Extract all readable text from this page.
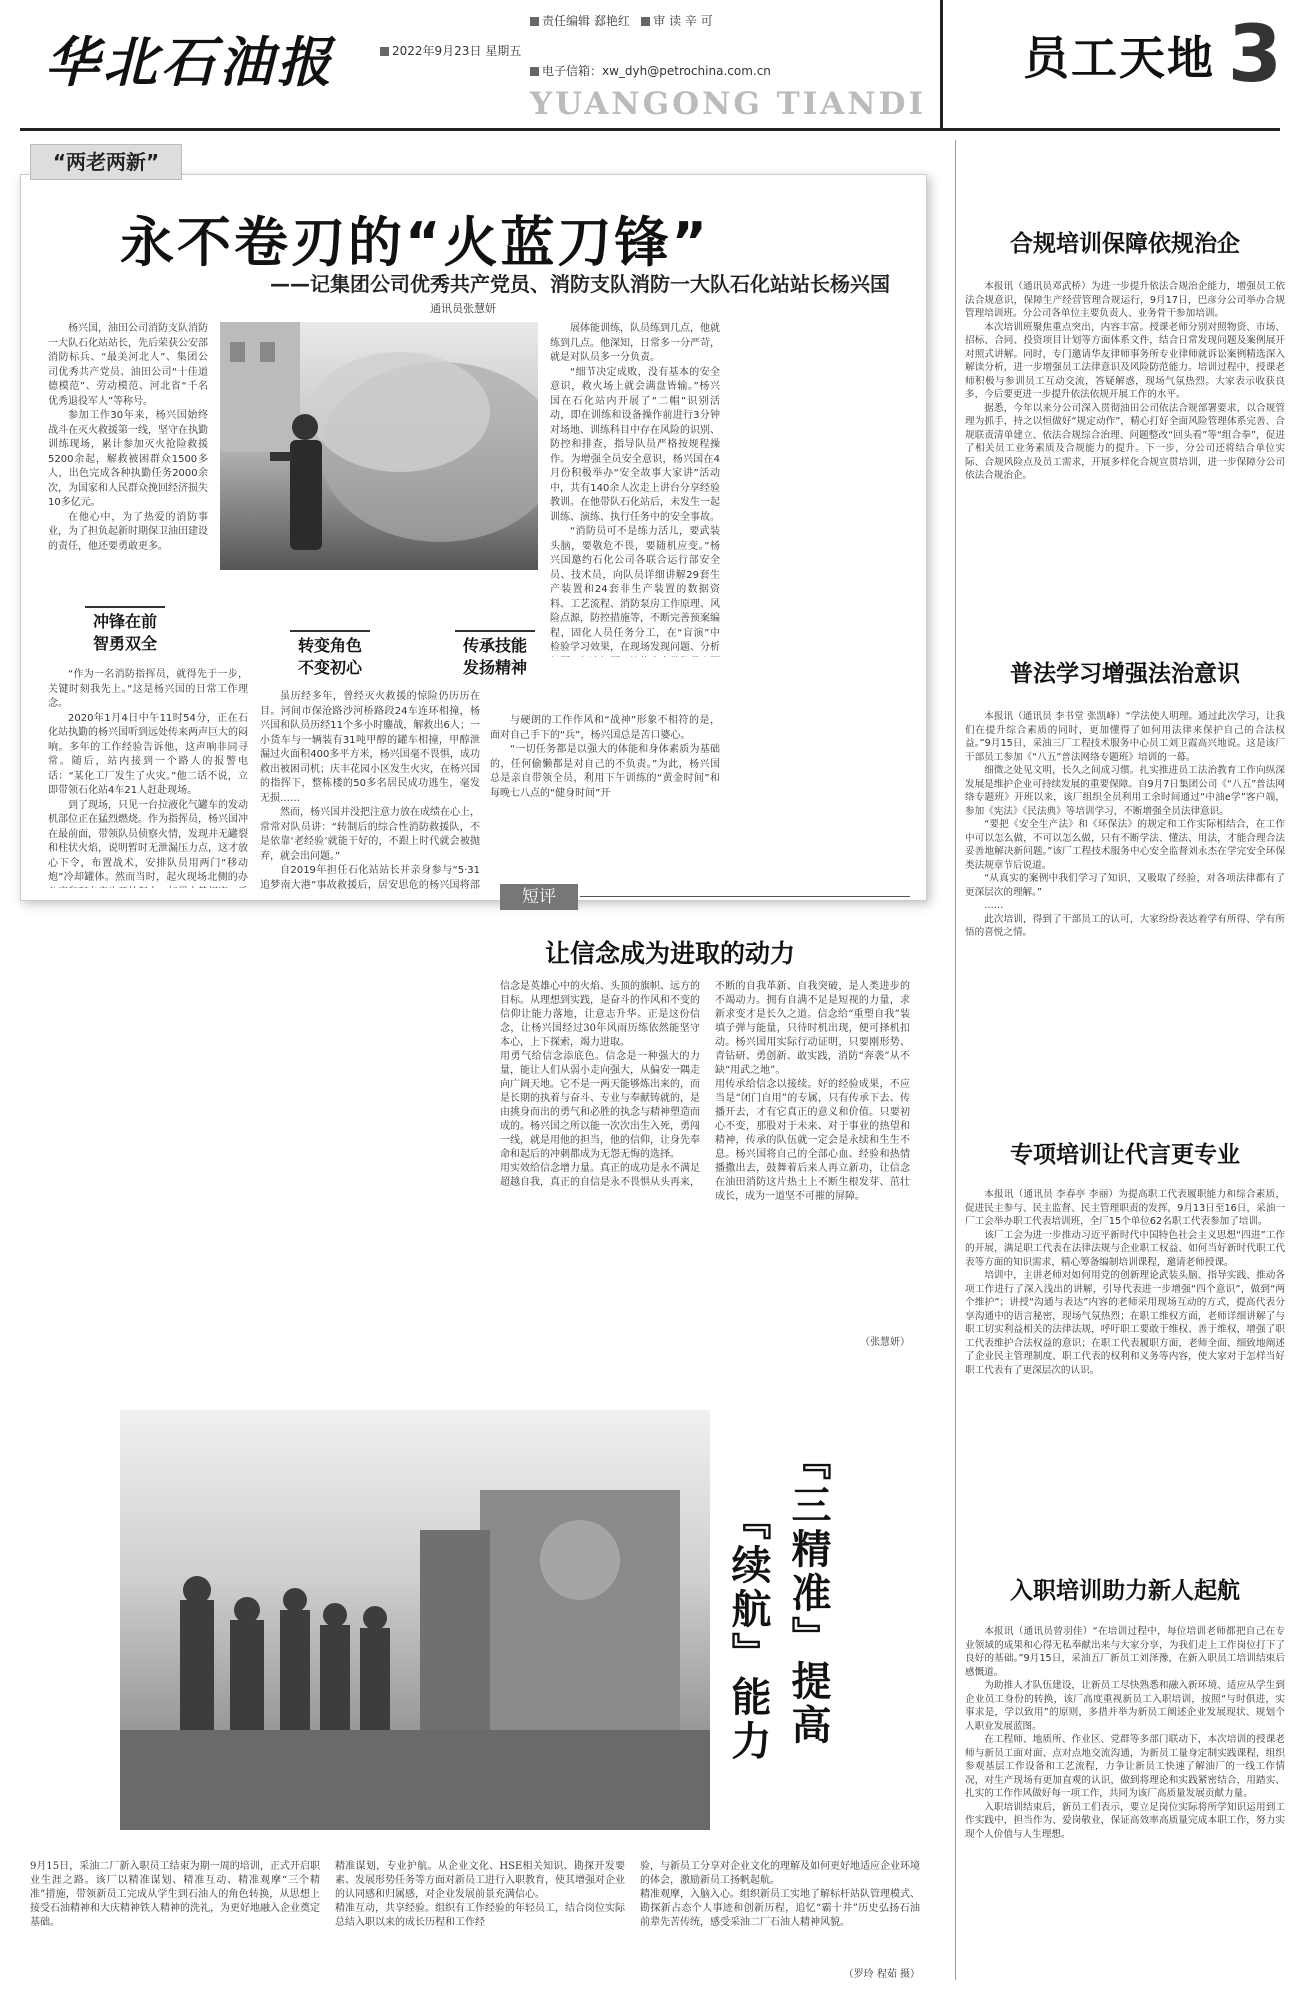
华北石油报
责任编辑 郄艳红 审 读 辛 可
2022年9月23日 星期五
电子信箱：xw_dyh@petrochina.com.cn
YUANGONG TIANDI
员工天地 3
“两老两新”
永不卷刃的“火蓝刀锋”
——记集团公司优秀共产党员、消防支队消防一大队石化站站长杨兴国
通讯员张慧妍

杨兴国，油田公司消防支队消防一大队石化站站长，先后荣获公安部消防标兵、“最美河北人”、集团公司优秀共产党员、油田公司“十佳道德模范”、劳动模范、河北省“千名优秀退役军人”等称号。

参加工作30年来，杨兴国始终战斗在灭火救援第一线，坚守在执勤训练现场，累计参加灭火抢险救援5200余起，解救被困群众1500多人，出色完成各种执勤任务2000余次，为国家和人民群众挽回经济损失10多亿元。

在他心中，为了热爱的消防事业，为了担负起新时期保卫油田建设的责任，他还要勇敢更多。

展体能训练，队员练到几点，他就练到几点。他深知，日常多一分严苛，就是对队员多一分负责。

“细节决定成败，没有基本的安全意识，救火场上就会满盘皆输。”杨兴国在石化站内开展了“二帽”识别活动，即在训练和设备操作前进行3分钟对场地、训练科目中存在风险的识别、防控和排查，指导队员严格按规程操作。为增强全员安全意识，杨兴国在4月份积极举办“安全故事大家讲”活动中，共有140余人次走上讲台分享经验教训。在他带队石化站后，未发生一起训练、演练、执行任务中的安全事故。

“消防员可不是练力活儿，要武装头脑，要敬危不畏，要随机应变。”杨兴国邀约石化公司各联合运行部安全员、技术员，向队员详细讲解29套生产装置和24套非生产装置的数据资料、工艺流程、消防泵房工作原理、风险点源，防控措施等，不断完善预案编程，固化人员任务分工，在“盲演”中检验学习效果，在现场发现问题、分析

冲锋在前
智勇双全	转变角色
不变初心
传承技能
发扬精神

“作为一名消防指挥员，就得先于一步，关键时刻我先上。”这是杨兴国的日常工作理念。

2020年1月4日中午11时54分，正在石化站执勤的杨兴国听到远处传来两声巨大的闷响。多年的工作经验告诉他，这声响非同寻常。随后，站内接到一个路人的报警电话：“某化工厂发生了火灾。”他二话不说，立即带领石化站4车21人赶赴现场。

到了现场，只见一台拉液化气罐车的发动机部位正在猛烈燃烧。作为指挥员，杨兴国冲在最前面，带领队员侦察火情，发现并无罐裂和柱状火焰，说明暂时无泄漏压力点，这才放心下令，布置战术，安排队员用两门“移动炮”冷却罐体。然而当时，起火现场北侧的办

虽历经多年，曾经灭火救援的惊险仍历历在目。河间市保沧路沙河桥路段24车连环相撞，杨兴国和队员历经11个多小时鏖战，解救出6人；一小货车与一辆装有31吨甲醇的罐车相撞，甲醇泄漏过火面积400多平方米，杨兴国毫不畏惧，成功救出被困司机；庆丰花园小区发生火灾，在杨兴国的指挥下，整栋楼的50多名居民成功逃生，毫发无损……

然而，杨兴国并没把注意力放在成绩在心上，常常对队员讲：“转制后的综合性消防救援队，不是依靠‘老经验’就能干好的，不跟上时代就会被抛弃，就会出问题。”

自2019年担任石化站站长并亲身参与“5·31追梦南大港”事故救援后，居安思危的杨兴国将部

与硬朗的工作作风和“战神”形象不相符的是，面对自己手下的“兵”，杨兴国总是苦口婆心。

“一切任务都是以强大的体能和身体素质为基础的，任何偷懒都是对自己的不负责。”为此，杨兴国总是亲自带领全员，利用下午训练的“黄金时间”和每晚七八点的“健身时间”开

短评
让信念成为进取的动力
信念是英雄心中的火焰、头顶的旗帜、远方的目标。从理想到实践，是奋斗的作风和不变的信仰让能力落地，让意志升华。正是这份信念，让杨兴国经过30年风雨历练依然能坚守本心，上下探索，竭力进取。
用勇气给信念添底色。信念是一种强大的力量，能让人们从弱小走向强大，从偏安一隅走向广阔天地。它不是一两天能够炼出来的，而是长期的执着与奋斗、专业与奉献铸就的，是由挑身而出的勇气和必胜的执念与精神塑造而成的。杨兴国之所以能一次次出生入死，勇闯一线，就是用他的担当，他的信仰，让身先奉命和起后的冲刺都成为无怨无悔的选择。
用实效给信念增力量。真正的成功是永不满足超越自我，真正的自信是永不畏惧从头再来，
不断的自我革新、自我突破，是人类进步的不竭动力。拥有自满不足是短视的力量，求新求变才是长久之道。信念给“重塑自我”装填子弹与能量，只待时机出现，便可择机扣动。杨兴国用实际行动证明，只要刚形势、青钻研、勇创新、敢实践，消防“奔袭”从不缺“用武之地”。
用传承给信念以接续。好的经验成果，不应当是“闭门自用”的专属，只有传承下去、传播开去，才有它真正的意义和价值。只要初心不变，那股对于未来、对于事业的热望和精神，传承的队伍就一定会是永续和生生不息。杨兴国将自己的全部心血、经验和热情播撒出去，鼓舞着后来人再立新功，让信念在油田消防这片热土上不断生根发芽、茁壮成长，成为一道坚不可摧的屏障。
（张慧妍）
『三精准』提高
『续航』能力
9月15日，采油二厂新入职员工结束为期一周的培训，正式开启职业生涯之路。该厂以精准谋划、精准互动、精准观摩“三个精准”措施，带领新员工完成从学生到石油人的角色转换，从思想上接受石油精神和大庆精神铁人精神的洗礼，为更好地融入企业奠定基础。
精准谋划，专业护航。从企业文化、HSE相关知识、勘探开发要素、发展形势任务等方面对新员工进行入职教育，使其增强对企业的认同感和归属感，对企业发展前景充满信心。
精准互动，共享经验。组织有工作经验的年轻员工，结合岗位实际总结入职以来的成长历程和工作经
验，与新员工分享对企业文化的理解及如何更好地适应企业环境的体会，激励新员工扬帆起航。
精准观摩，入脑入心。组织新员工实地了解标杆站队管理模式、勘探新占态个人事迹和创新历程，追忆“霸十井”历史弘扬石油前辈先苦传统，感受采油二厂石油人精神风貌。
（罗玲 程茹 摄）
合规培训保障依规治企

本报讯（通讯员邓武桥）为进一步提升依法合规治企能力，增强员工依法合规意识，保障生产经营管理合规运行，9月17日，巴彦分公司举办合规管理培训班。分公司各单位主要负责人、业务骨干参加培训。

本次培训班聚焦重点突出，内容丰富。授课老师分别对照物资、市场、招标、合同、投资项目计划等方面体系文件，结合日常发现问题及案例展开对照式讲解。同时，专门邀请华友律师事务所专业律师就诉讼案例精选深入解读分析，进一步增强员工法律意识及风险防范能力。培训过程中，授课老师积极与参训员工互动交流，答疑解惑，现场气氛热烈。大家表示收获良多，今后要更进一步提升依法依规开展工作的水平。

据悉，今年以来分公司深入贯彻油田公司依法合规部署要求，以合规管理为抓手，持之以恒做好“规定动作”，精心打好全面风险管理体系完善、合规联责清单建立、依法合规综合治理、问题整改“回头看”等“组合拳”，促进了相关员工业务素质及合规能力的提升。下一步，分公司还将结合单位实际、合规风险点及员工需求，开展多样化合规宣贯培训，进一步保障分公司依法合规治企。

普法学习增强法治意识

本报讯（通讯员 李书堂 张凯峰）“学法使人明理。通过此次学习，让我们在提升综合素质的同时，更加懂得了如何用法律来保护自己的合法权益。”9月15日，采油三厂工程技术服务中心员工刘卫霞高兴地说。这是该厂干部员工参加《“八五”普法网络专题班》培训的一幕。

细微之处见文明，长久之间成习惯。扎实推进员工法治教育工作向纵深发展是维护企业可持续发展的重要保障。自9月7日集团公司《“八五”普法网络专题班》开班以来，该厂组织全员利用工余时间通过“中油e学”客户端，参加《宪法》《民法典》等培训学习，不断增强全员法律意识。

“要把《安全生产法》和《环保法》的规定和工作实际相结合，在工作中可以怎么做，不可以怎么做，只有不断学法、懂法、用法，才能合理合法妥善地解决新问题。”该厂工程技术服务中心安全监督刘永杰在学完安全环保类法规章节后说道。

“从真实的案例中我们学习了知识，又吸取了经验，对各项法律都有了更深层次的理解。”

……

此次培训，得到了干部员工的认可，大家纷纷表达着学有所得、学有所悟的喜悦之情。

专项培训让代言更专业

本报讯（通讯员 李春亭 李丽）为提高职工代表履职能力和综合素质，促进民主参与、民主监督、民主管理职责的发挥，9月13日至16日，采油一厂工会举办职工代表培训班，全厂15个单位62名职工代表参加了培训。

该厂工会为进一步推动习近平新时代中国特色社会主义思想“四进”工作的开展，满足职工代表在法律法规与企业职工权益、如何当好新时代职工代表等方面的知识需求，精心筹备编制培训课程，邀请老师授课。

培训中，主讲老师对如何用党的创新理论武装头脑、指导实践、推动各项工作进行了深入浅出的讲解，引导代表进一步增强“四个意识”，做到“两个维护”；讲授“沟通与表达”内容的老师采用现场互动的方式，提高代表分享沟通中的语言秘密，现场气氛热烈；在职工维权方面，老师详细讲解了与职工切实利益相关的法律法规，呼吁职工要敢于维权、善于维权，增强了职工代表维护合法权益的意识；在职工代表履职方面，老师全面、细致地阐述了企业民主管理制度、职工代表的权利和义务等内容，使大家对于怎样当好职工代表有了更深层次的认识。

入职培训助力新人起航

本报讯（通讯员曾羽佳）“在培训过程中，每位培训老师都把自己在专业领域的成果和心得无私奉献出来与大家分享，为我们走上工作岗位打下了良好的基础。”9月15日，采油五厂新员工刘泽豫，在新入职员工培训结束后感慨道。

为助推人才队伍建设，让新员工尽快熟悉和融入新环境、适应从学生到企业员工身份的转换，该厂高度重视新员工入职培训，按照“与时俱进，实事求是，学以致用”的原则，多措并举为新员工阐述企业发展现状、规划个人职业发展蓝图。

在工程师、地质所、作业区、党群等多部门联动下，本次培训的授课老师与新员工面对面、点对点地交流沟通，为新员工量身定制实践课程，组织参观基层工作设备和工艺流程，力争让新员工快速了解油厂的一线工作情况，对生产现场有更加直观的认识，做到将理论和实践紧密结合，用踏实、扎实的工作作风做好每一项工作，共同为该厂高质量发展贡献力量。

入职培训结束后，新员工们表示，要立足岗位实际将所学知识运用到工作实践中，担当作为、爱岗敬业，保证高效率高质量完成本职工作，努力实现个人价值与人生理想。
